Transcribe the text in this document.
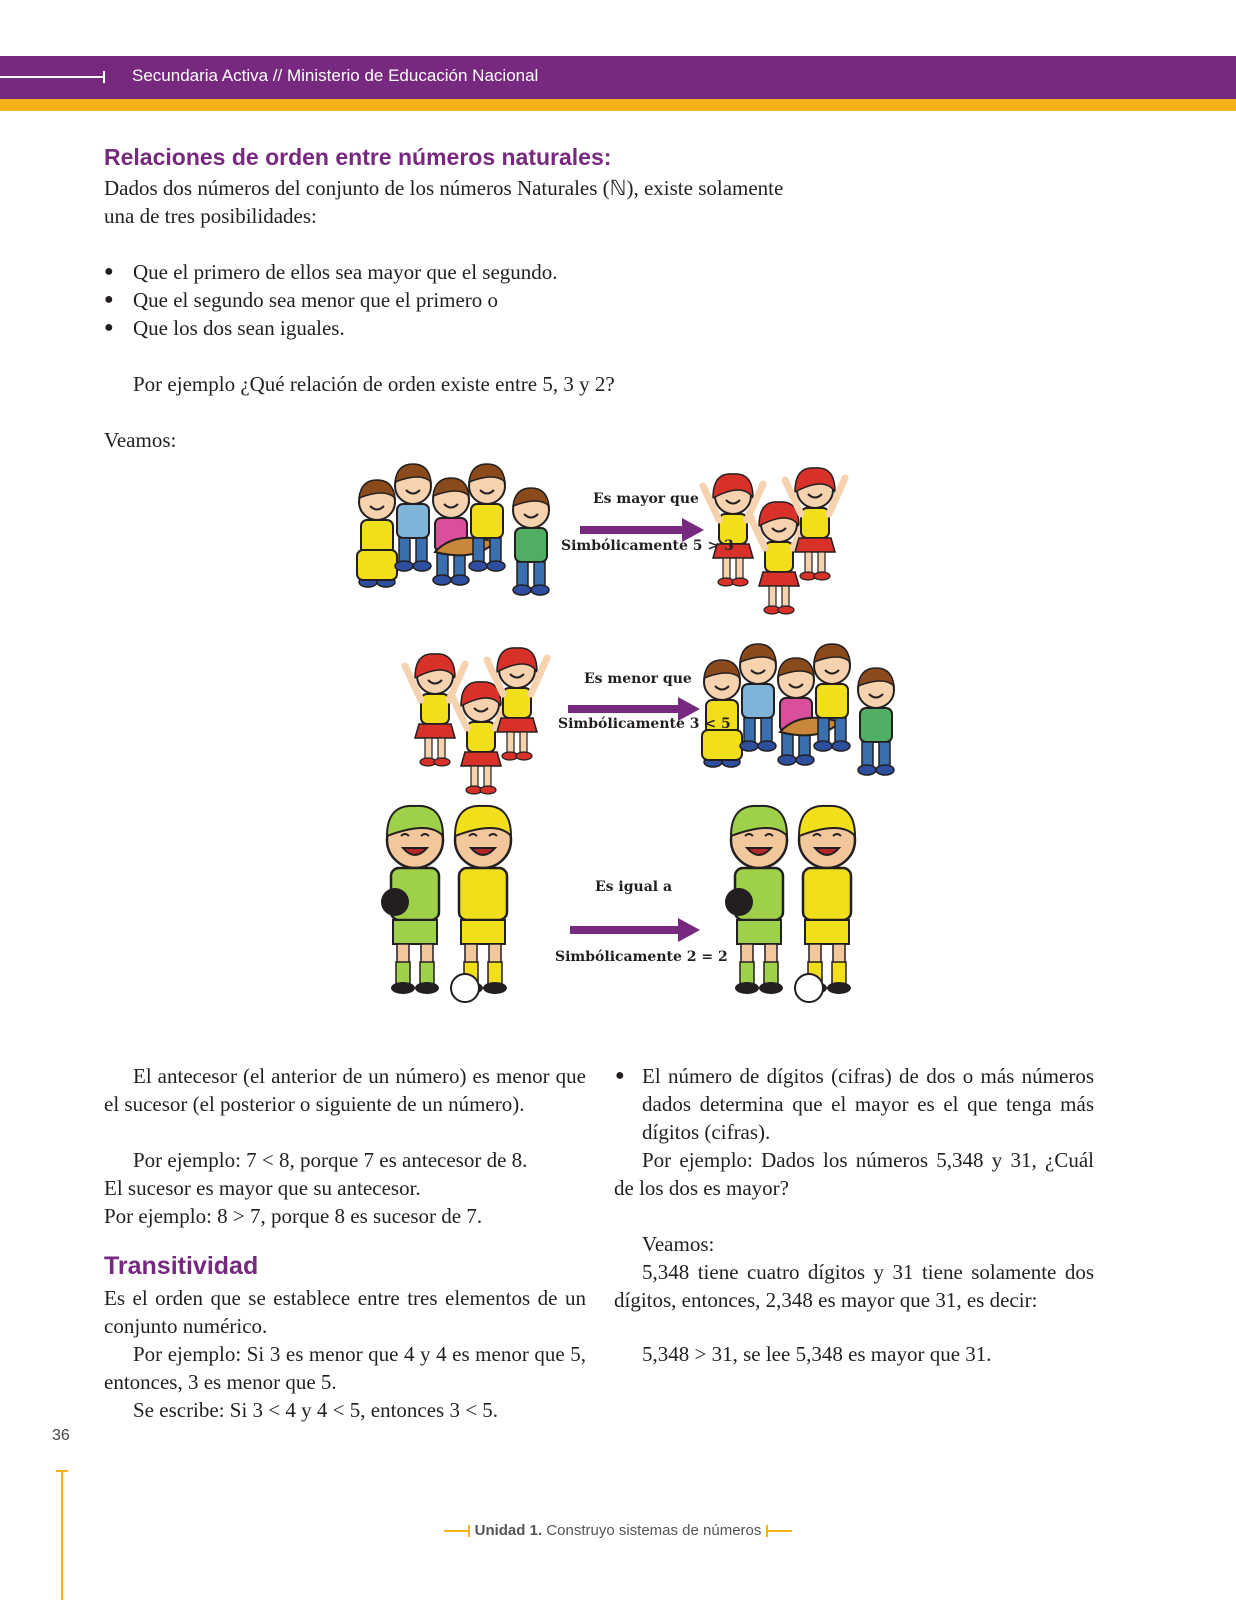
Secundaria Activa // Ministerio de Educación Nacional
Relaciones de orden entre números naturales:
Dados dos números del conjunto de los números Naturales (ℕ), existe solamente
una de tres posibilidades:
● Que el primero de ellos sea mayor que el segundo.
● Que el segundo sea menor que el primero o
● Que los dos sean iguales.
Por ejemplo ¿Qué relación de orden existe entre 5, 3 y 2?
Veamos:
Es mayor que
Simbólicamente 5 > 3
Es menor que
Simbólicamente 3 < 5
Es igual a
Simbólicamente 2 = 2
El antecesor (el anterior de un número) es menor que el sucesor (el posterior o siguiente de un número).
Por ejemplo: 7 < 8, porque 7 es antecesor de 8.
El sucesor es mayor que su antecesor.
Por ejemplo: 8 > 7, porque 8 es sucesor de 7.
Transitividad
Es el orden que se establece entre tres elementos de un conjunto numérico.
Por ejemplo: Si 3 es menor que 4 y 4 es menor que 5, entonces, 3 es menor que 5.
Se escribe: Si 3 < 4 y 4 < 5, entonces 3 < 5.
● El número de dígitos (cifras) de dos o más números dados determina que el mayor es el que tenga más dígitos (cifras).
Por ejemplo: Dados los números 5,348 y 31, ¿Cuál de los dos es mayor?
Veamos:
5,348 tiene cuatro dígitos y 31 tiene solamente dos dígitos, entonces, 2,348 es mayor que 31, es decir:
5,348 > 31, se lee 5,348 es mayor que 31.
36
Unidad 1. Construyo sistemas de números
